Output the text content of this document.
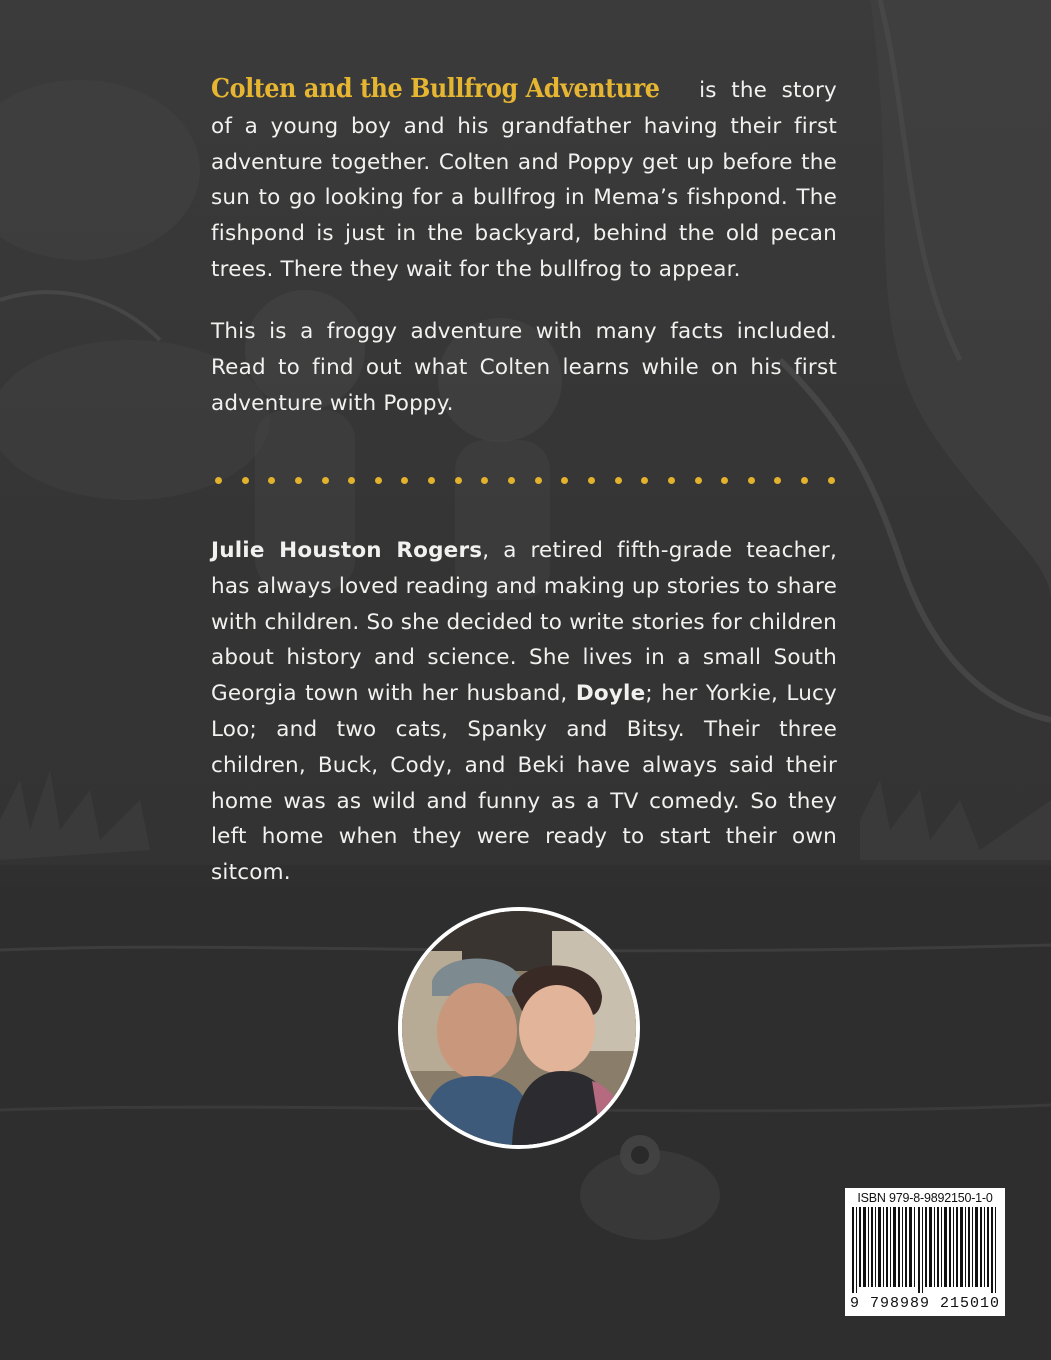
Colten and the Bullfrog Adventure is the story of a young boy and his grandfather having their first adventure together. Colten and Poppy get up before the sun to go looking for a bullfrog in Mema’s fishpond. The fishpond is just in the backyard, behind the old pecan trees. There they wait for the bullfrog to appear.

This is a froggy adventure with many facts included. Read to find out what Colten learns while on his first adventure with Poppy.

Julie Houston Rogers, a retired fifth-grade teacher, has always loved reading and making up stories to share with children. So she decided to write stories for children about history and science. She lives in a small South Georgia town with her husband, Doyle; her Yorkie, Lucy Loo; and two cats, Spanky and Bitsy. Their three children, Buck, Cody, and Beki have always said their home was as wild and funny as a TV comedy. So they left home when they were ready to start their own sitcom.

ISBN 979-8-9892150-1-0
9 798989 215010
